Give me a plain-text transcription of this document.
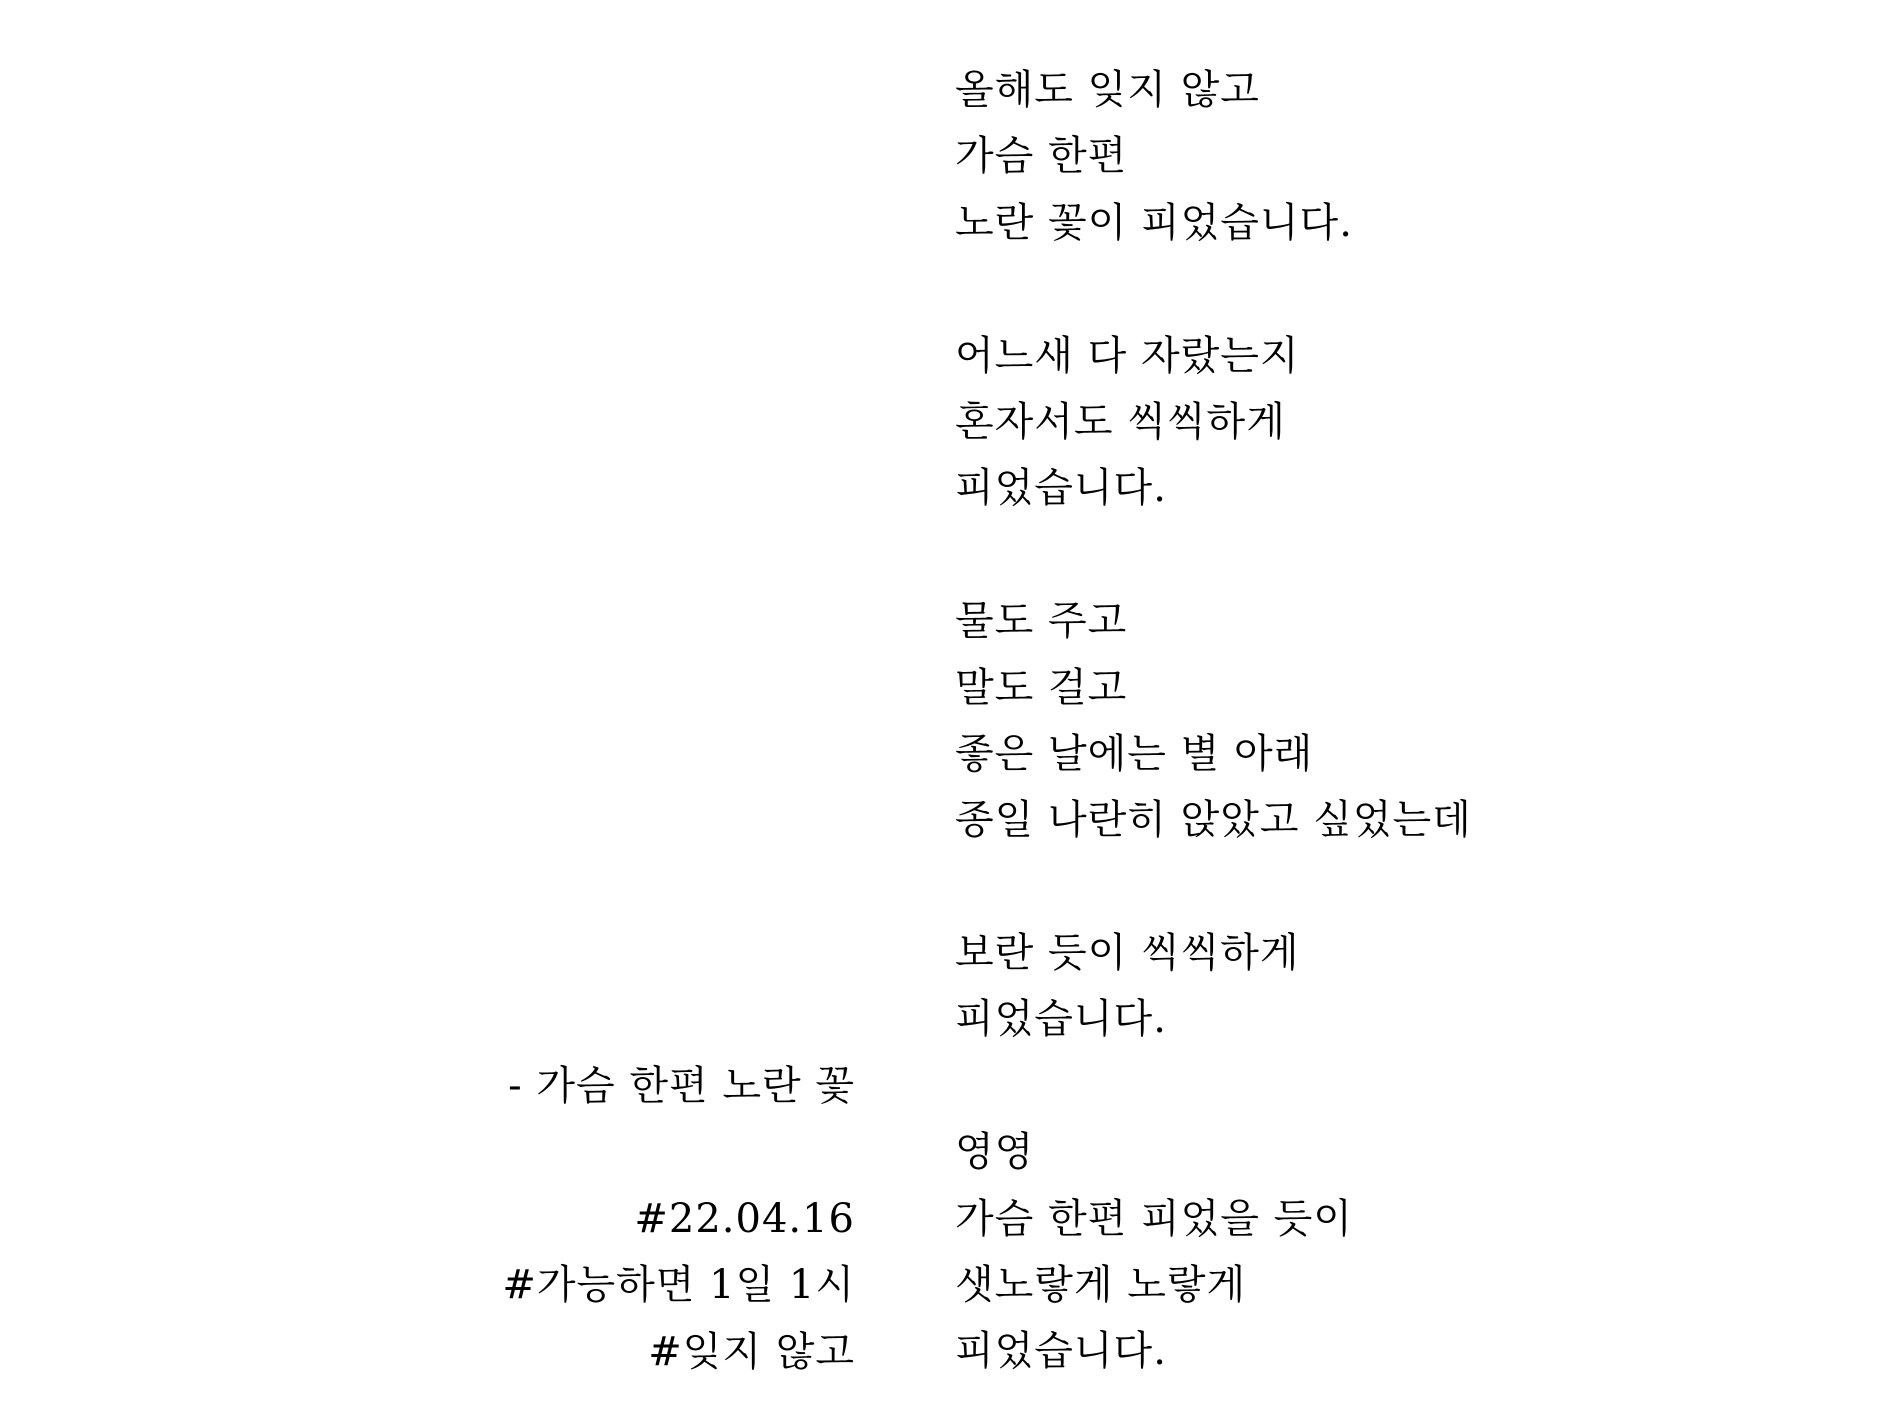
올해도 잊지 않고
가슴 한편
노란 꽃이 피었습니다.
어느새 다 자랐는지
혼자서도 씩씩하게
피었습니다.
물도 주고
말도 걸고
좋은 날에는 별 아래
종일 나란히 앉았고 싶었는데
보란 듯이 씩씩하게
피었습니다.
영영
가슴 한편 피었을 듯이
샛노랗게 노랗게
피었습니다.
- 가슴 한편 노란 꽃
#22.04.16
#가능하면 1일 1시
#잊지 않고
